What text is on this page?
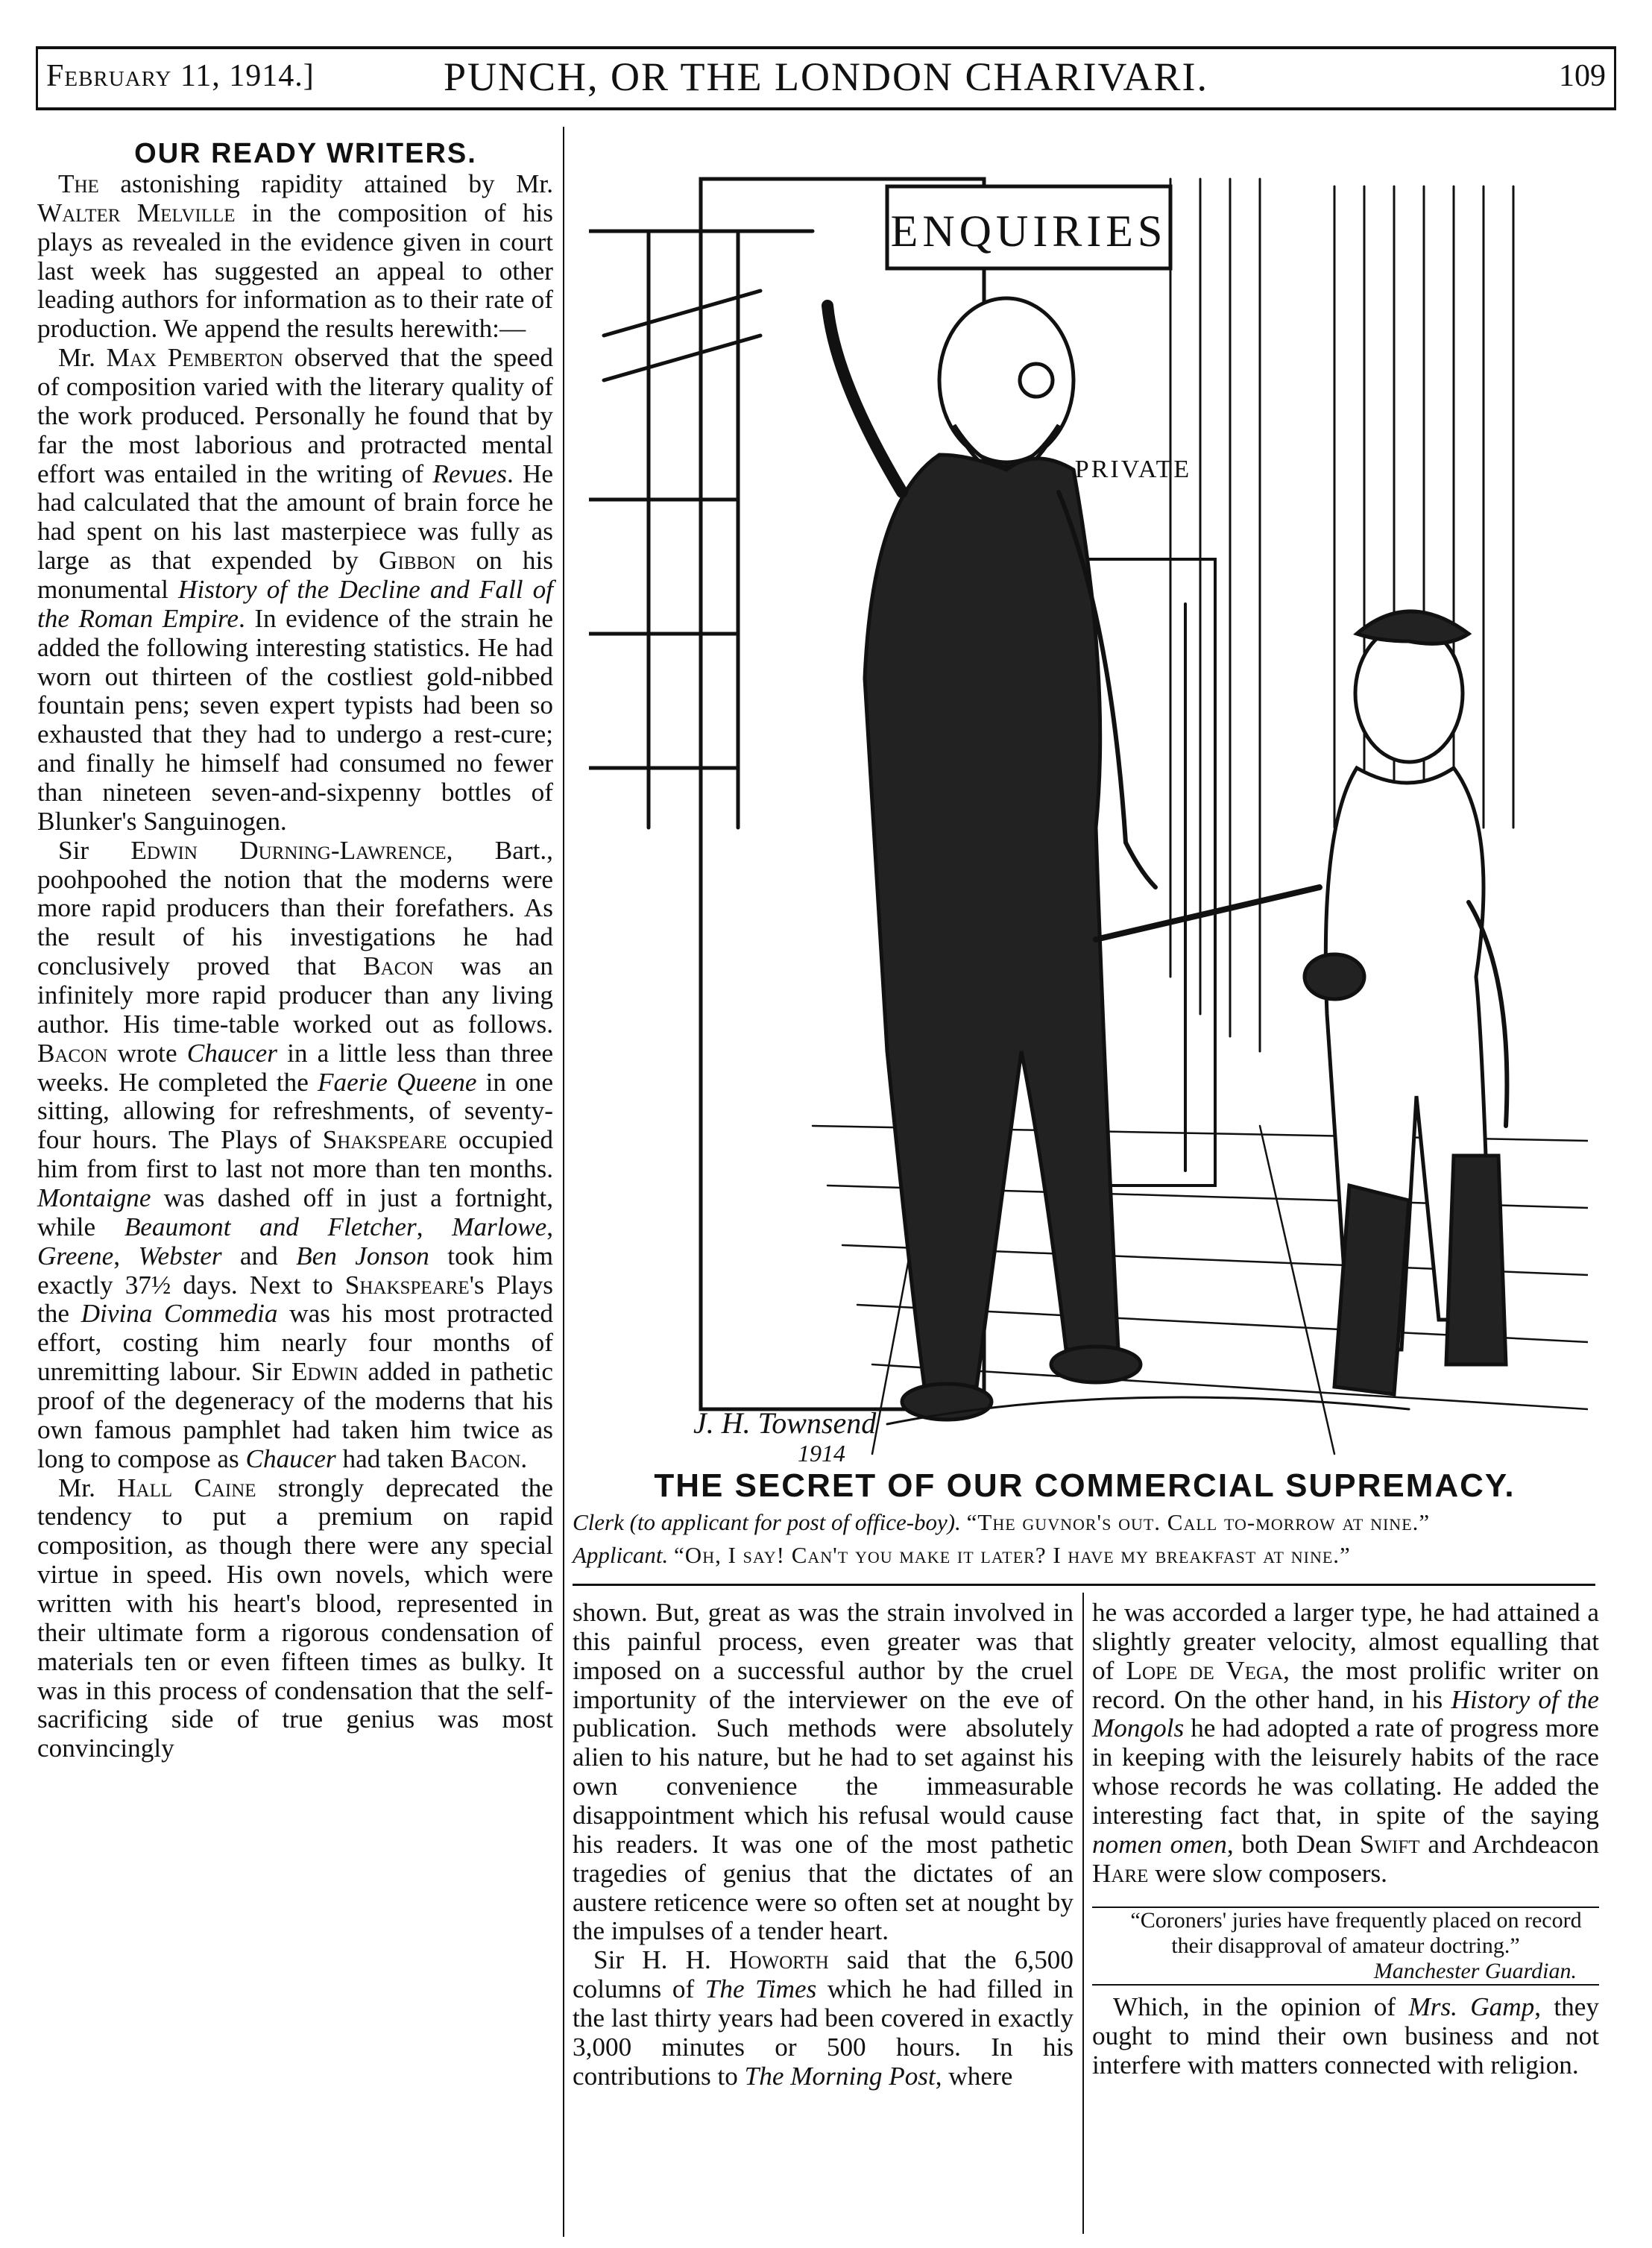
February 11, 1914.]	PUNCH, OR THE LONDON CHARIVARI.	109

OUR READY WRITERS.

The astonishing rapidity attained by Mr. Walter Melville in the composition of his plays as revealed in the evidence given in court last week has suggested an appeal to other leading authors for information as to their rate of production. We append the results herewith:—

Mr. Max Pemberton observed that the speed of composition varied with the literary quality of the work produced. Personally he found that by far the most laborious and protracted mental effort was entailed in the writing of Revues. He had calculated that the amount of brain force he had spent on his last masterpiece was fully as large as that expended by Gibbon on his monumental History of the Decline and Fall of the Roman Empire. In evidence of the strain he added the following interesting statistics. He had worn out thirteen of the costliest gold-nibbed fountain pens; seven expert typists had been so exhausted that they had to undergo a rest-cure; and finally he himself had consumed no fewer than nineteen seven-and-sixpenny bottles of Blunker's Sanguinogen.

Sir Edwin Durning-Lawrence, Bart., poohpoohed the notion that the moderns were more rapid producers than their forefathers. As the result of his investigations he had conclusively proved that Bacon was an infinitely more rapid producer than any living author. His time-table worked out as follows. Bacon wrote Chaucer in a little less than three weeks. He completed the Faerie Queene in one sitting, allowing for refreshments, of seventy-four hours. The Plays of Shakspeare occupied him from first to last not more than ten months. Montaigne was dashed off in just a fortnight, while Beaumont and Fletcher, Marlowe, Greene, Webster and Ben Jonson took him exactly 37½ days. Next to Shakspeare's Plays the Divina Commedia was his most protracted effort, costing him nearly four months of unremitting labour. Sir Edwin added in pathetic proof of the degeneracy of the moderns that his own famous pamphlet had taken him twice as long to compose as Chaucer had taken Bacon.

Mr. Hall Caine strongly deprecated the tendency to put a premium on rapid composition, as though there were any special virtue in speed. His own novels, which were written with his heart's blood, represented in their ultimate form a rigorous condensation of materials ten or even fifteen times as bulky. It was in this process of condensation that the self-sacrificing side of true genius was most convincingly

ENQUIRIES
PRIVATE
J. H. Townsend
1914
THE SECRET OF OUR COMMERCIAL SUPREMACY.
Clerk (to applicant for post of office-boy). “The guvnor's out. Call to-morrow at nine.”
Applicant. “Oh, I say! Can't you make it later? I have my breakfast at nine.”

shown. But, great as was the strain involved in this painful process, even greater was that imposed on a successful author by the cruel importunity of the interviewer on the eve of publication. Such methods were absolutely alien to his nature, but he had to set against his own convenience the immeasurable disappointment which his refusal would cause his readers. It was one of the most pathetic tragedies of genius that the dictates of an austere reticence were so often set at nought by the impulses of a tender heart.

Sir H. H. Howorth said that the 6,500 columns of The Times which he had filled in the last thirty years had been covered in exactly 3,000 minutes or 500 hours. In his contributions to The Morning Post, where

he was accorded a larger type, he had attained a slightly greater velocity, almost equalling that of Lope de Vega, the most prolific writer on record. On the other hand, in his History of the Mongols he had adopted a rate of progress more in keeping with the leisurely habits of the race whose records he was collating. He added the interesting fact that, in spite of the saying nomen omen, both Dean Swift and Archdeacon Hare were slow composers.

“Coroners' juries have frequently placed on record their disapproval of amateur doctring.”
Manchester Guardian.

Which, in the opinion of Mrs. Gamp, they ought to mind their own business and not interfere with matters connected with religion.
